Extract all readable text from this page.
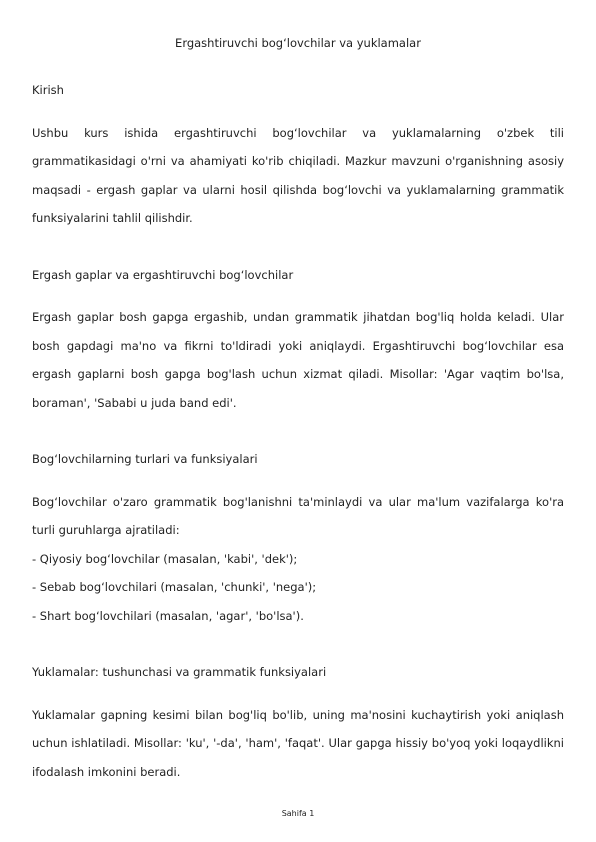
Ergashtiruvchi bog‘lovchilar va yuklamalar

Kirish

Ushbu kurs ishida ergashtiruvchi bog‘lovchilar va yuklamalarning o'zbek tili grammatikasidagi o'rni va ahamiyati ko'rib chiqiladi. Mazkur mavzuni o'rganishning asosiy maqsadi - ergash gaplar va ularni hosil qilishda bog‘lovchi va yuklamalarning grammatik funksiyalarini tahlil qilishdir.

Ergash gaplar va ergashtiruvchi bog‘lovchilar

Ergash gaplar bosh gapga ergashib, undan grammatik jihatdan bog'liq holda keladi. Ular bosh gapdagi ma'no va fikrni to'ldiradi yoki aniqlaydi. Ergashtiruvchi bog‘lovchilar esa ergash gaplarni bosh gapga bog'lash uchun xizmat qiladi. Misollar: 'Agar vaqtim bo'lsa, boraman', 'Sababi u juda band edi'.

Bog‘lovchilarning turlari va funksiyalari

Bog‘lovchilar o'zaro grammatik bog'lanishni ta'minlaydi va ular ma'lum vazifalarga ko'ra turli guruhlarga ajratiladi:

- Qiyosiy bog‘lovchilar (masalan, 'kabi', 'dek');

- Sebab bog‘lovchilari (masalan, 'chunki', 'nega');

- Shart bog‘lovchilari (masalan, 'agar', 'bo'lsa').

Yuklamalar: tushunchasi va grammatik funksiyalari

Yuklamalar gapning kesimi bilan bog'liq bo'lib, uning ma'nosini kuchaytirish yoki aniqlash uchun ishlatiladi. Misollar: 'ku', '-da', 'ham', 'faqat'. Ular gapga hissiy bo'yoq yoki loqaydlikni ifodalash imkonini beradi.

Sahifa 1
